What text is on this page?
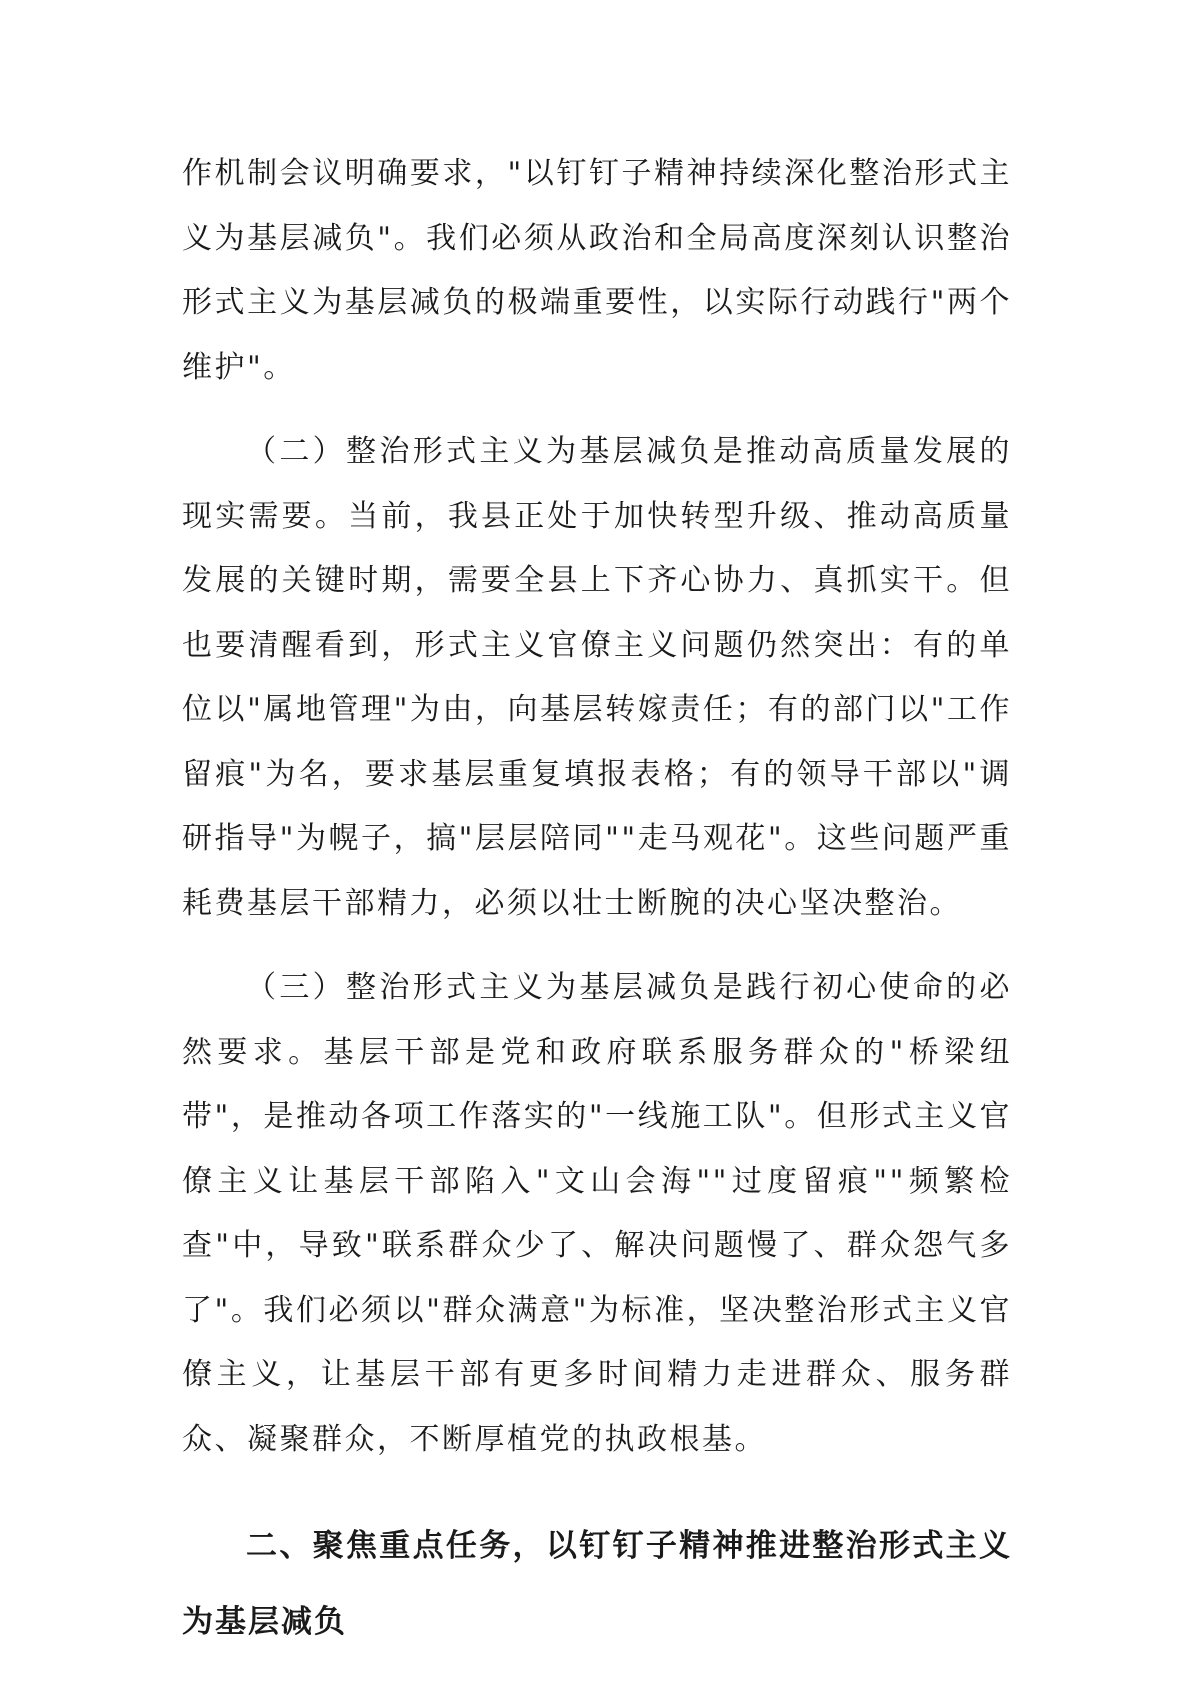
作机制会议明确要求，"以钉钉子精神持续深化整治形式主义为基层减负"。我们必须从政治和全局高度深刻认识整治形式主义为基层减负的极端重要性，以实际行动践行"两个维护"。

（二）整治形式主义为基层减负是推动高质量发展的现实需要。当前，我县正处于加快转型升级、推动高质量发展的关键时期，需要全县上下齐心协力、真抓实干。但也要清醒看到，形式主义官僚主义问题仍然突出：有的单位以"属地管理"为由，向基层转嫁责任；有的部门以"工作留痕"为名，要求基层重复填报表格；有的领导干部以"调研指导"为幌子，搞"层层陪同""走马观花"。这些问题严重耗费基层干部精力，必须以壮士断腕的决心坚决整治。

（三）整治形式主义为基层减负是践行初心使命的必然要求。基层干部是党和政府联系服务群众的"桥梁纽带"，是推动各项工作落实的"一线施工队"。但形式主义官僚主义让基层干部陷入"文山会海""过度留痕""频繁检查"中，导致"联系群众少了、解决问题慢了、群众怨气多了"。我们必须以"群众满意"为标准，坚决整治形式主义官僚主义，让基层干部有更多时间精力走进群众、服务群众、凝聚群众，不断厚植党的执政根基。

二、聚焦重点任务，以钉钉子精神推进整治形式主义为基层减负
